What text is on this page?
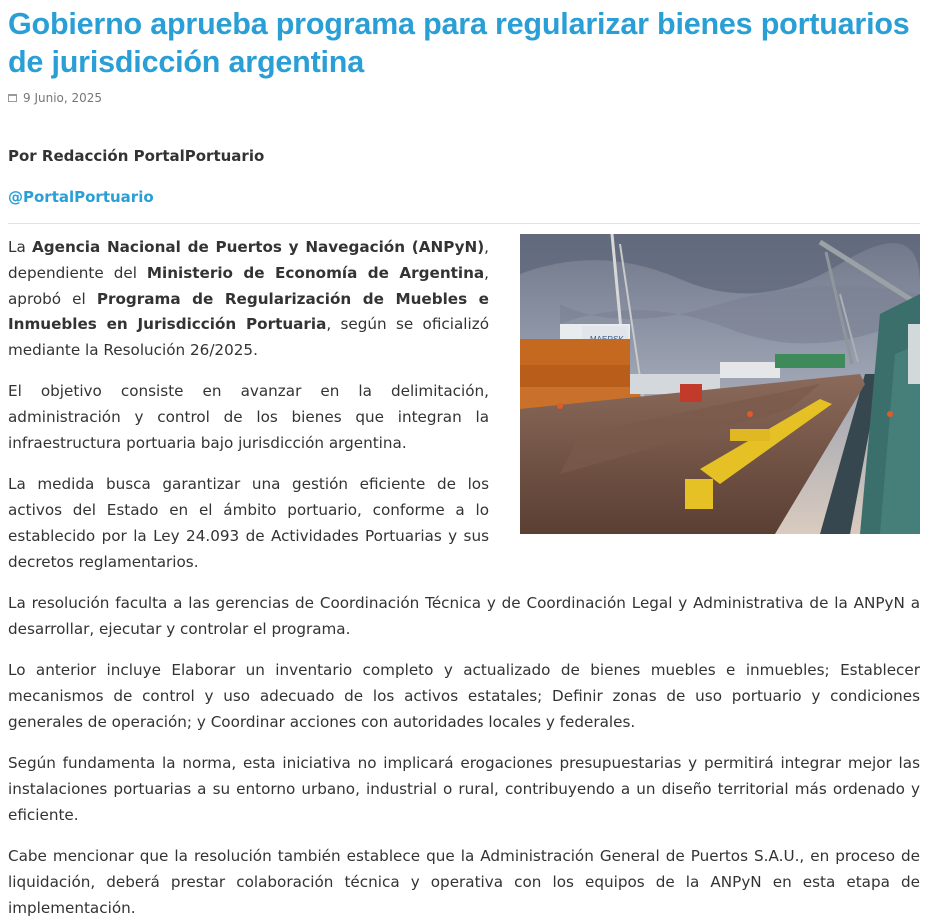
Gobierno aprueba programa para regularizar bienes portuarios de jurisdicción argentina
9 Junio, 2025
Por Redacción PortalPortuario
@PortalPortuario

La Agencia Nacional de Puertos y Navegación (ANPyN), dependiente del Ministerio de Economía de Argentina, aprobó el Programa de Regularización de Muebles e Inmuebles en Jurisdicción Portuaria, según se oficializó mediante la Resolución 26/2025.

El objetivo consiste en avanzar en la delimitación, administración y control de los bienes que integran la infraestructura portuaria bajo jurisdicción argentina.

La medida busca garantizar una gestión eficiente de los activos del Estado en el ámbito portuario, conforme a lo establecido por la Ley 24.093 de Actividades Portuarias y sus decretos reglamentarios.

La resolución faculta a las gerencias de Coordinación Técnica y de Coordinación Legal y Administrativa de la ANPyN a desarrollar, ejecutar y controlar el programa.

Lo anterior incluye Elaborar un inventario completo y actualizado de bienes muebles e inmuebles; Establecer mecanismos de control y uso adecuado de los activos estatales; Definir zonas de uso portuario y condiciones generales de operación; y Coordinar acciones con autoridades locales y federales.

Según fundamenta la norma, esta iniciativa no implicará erogaciones presupuestarias y permitirá integrar mejor las instalaciones portuarias a su entorno urbano, industrial o rural, contribuyendo a un diseño territorial más ordenado y eficiente.

Cabe mencionar que la resolución también establece que la Administración General de Puertos S.A.U., en proceso de liquidación, deberá prestar colaboración técnica y operativa con los equipos de la ANPyN en esta etapa de implementación.
